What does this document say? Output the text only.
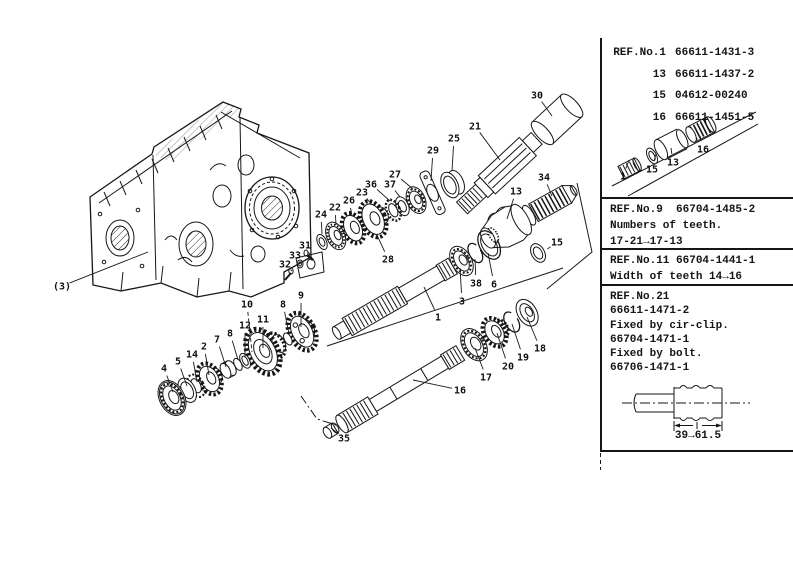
30
21
25
29
27
37
36
23
26
22
24
34
13
15
31
33
32	28
38 6
3
1
9
8
10
11
12
8
7
2
14
5
4
18
19
20
17
16
35
(3)
1
15
13
16
REF.No.1 66611-1431-3
13 66611-1437-2
15 04612-00240
16 66611-1451-5
REF.No.9  66704-1485-2
Numbers of teeth.
17-21→17-13
REF.No.11 66704-1441-1
Width of teeth 14→16
REF.No.21
66611-1471-2
Fixed by cir-clip.
66704-1471-1
Fixed by bolt.
66706-1471-1
39→61.5
